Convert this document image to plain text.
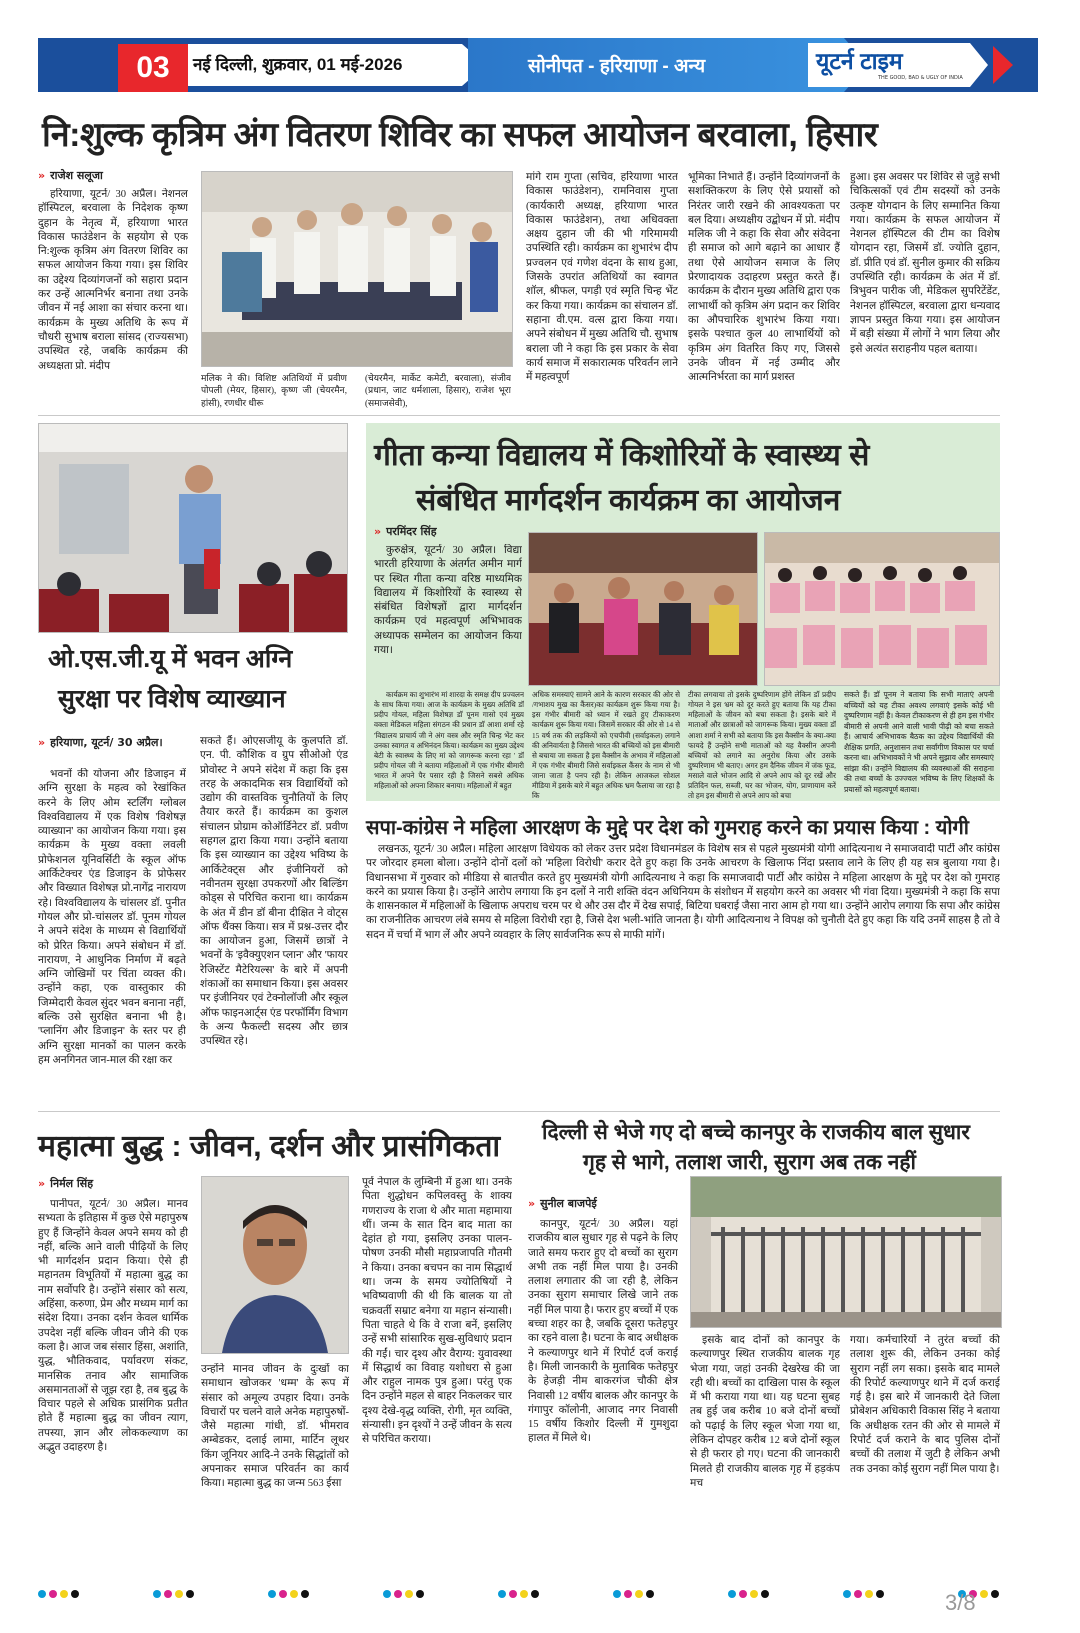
03	नई दिल्ली, शुक्रवार, 01 मई-2026	सोनीपत - हरियाणा - अन्य	यूटर्न टाइम
THE GOOD, BAD & UGLY OF INDIA
नि:शुल्क कृत्रिम अंग वितरण शिविर का सफल आयोजन बरवाला, हिसार
» राजेश सलूजा

हरियाणा, यूटर्न/ 30 अप्रैल। नेशनल हॉस्पिटल, बरवाला के निदेशक कृष्ण दुहान के नेतृत्व में, हरियाणा भारत विकास फाउंडेशन के सहयोग से एक नि:शुल्क कृत्रिम अंग वितरण शिविर का सफल आयोजन किया गया। इस शिविर का उद्देश्य दिव्यांगजनों को सहारा प्रदान कर उन्हें आत्मनिर्भर बनाना तथा उनके जीवन में नई आशा का संचार करना था। कार्यक्रम के मुख्य अतिथि के रूप में चौधरी सुभाष बराला सांसद (राज्यसभा) उपस्थित रहे, जबकि कार्यक्रम की अध्यक्षता प्रो. मंदीप

मलिक ने की। विशिष्ट अतिथियों में प्रवीण पोपली (मेयर, हिसार), कृष्ण जी (चेयरमैन, हांसी), रणधीर धीरू

(चेयरमैन, मार्केट कमेटी, बरवाला), संजीव (प्रधान, जाट धर्मशाला, हिसार), राजेश भूरा (समाजसेवी),

मांगे राम गुप्ता (सचिव, हरियाणा भारत विकास फाउंडेशन), रामनिवास गुप्ता (कार्यकारी अध्यक्ष, हरियाणा भारत विकास फाउंडेशन), तथा अधिवक्ता अक्षय दुहान जी की भी गरिमामयी उपस्थिति रही। कार्यक्रम का शुभारंभ दीप प्रज्वलन एवं गणेश वंदना के साथ हुआ, जिसके उपरांत अतिथियों का स्वागत शॉल, श्रीफल, पगड़ी एवं स्मृति चिन्ह भेंट कर किया गया। कार्यक्रम का संचालन डॉ. सहाना वी.एम. वत्स द्वारा किया गया। अपने संबोधन में मुख्य अतिथि चौ. सुभाष बराला जी ने कहा कि इस प्रकार के सेवा कार्य समाज में सकारात्मक परिवर्तन लाने में महत्वपूर्ण

भूमिका निभाते हैं। उन्होंने दिव्यांगजनों के सशक्तिकरण के लिए ऐसे प्रयासों को निरंतर जारी रखने की आवश्यकता पर बल दिया। अध्यक्षीय उद्बोधन में प्रो. मंदीप मलिक जी ने कहा कि सेवा और संवेदना ही समाज को आगे बढ़ाने का आधार हैं तथा ऐसे आयोजन समाज के लिए प्रेरणादायक उदाहरण प्रस्तुत करते हैं। कार्यक्रम के दौरान मुख्य अतिथि द्वारा एक लाभार्थी को कृत्रिम अंग प्रदान कर शिविर का औपचारिक शुभारंभ किया गया। इसके पश्चात कुल 40 लाभार्थियों को कृत्रिम अंग वितरित किए गए, जिससे उनके जीवन में नई उम्मीद और आत्मनिर्भरता का मार्ग प्रशस्त

हुआ। इस अवसर पर शिविर से जुड़े सभी चिकित्सकों एवं टीम सदस्यों को उनके उत्कृष्ट योगदान के लिए सम्मानित किया गया। कार्यक्रम के सफल आयोजन में नेशनल हॉस्पिटल की टीम का विशेष योगदान रहा, जिसमें डॉ. ज्योति दुहान, डॉ. प्रीति एवं डॉ. सुनील कुमार की सक्रिय उपस्थिति रही। कार्यक्रम के अंत में डॉ. त्रिभुवन पारीक जी, मेडिकल सुपरिटेंडेंट, नेशनल हॉस्पिटल, बरवाला द्वारा धन्यवाद ज्ञापन प्रस्तुत किया गया। इस आयोजन में बड़ी संख्या में लोगों ने भाग लिया और इसे अत्यंत सराहनीय पहल बताया।

ओ.एस.जी.यू में भवन अग्नि
सुरक्षा पर विशेष व्याख्यान
» हरियाणा, यूटर्न/ 30 अप्रैल।

भवनों की योजना और डिजाइन में अग्नि सुरक्षा के महत्व को रेखांकित करने के लिए ओम स्टर्लिंग ग्लोबल विश्वविद्यालय में एक विशेष 'विशेषज्ञ व्याख्यान' का आयोजन किया गया। इस कार्यक्रम के मुख्य वक्ता लवली प्रोफेशनल यूनिवर्सिटी के स्कूल ऑफ आर्किटेक्चर एंड डिजाइन के प्रोफेसर और विख्यात विशेषज्ञ प्रो.नागेंद्र नारायण रहे। विश्वविद्यालय के चांसलर डॉ. पुनीत गोयल और प्रो-चांसलर डॉ. पूनम गोयल ने अपने संदेश के माध्यम से विद्यार्थियों को प्रेरित किया। अपने संबोधन में डॉ. नारायण, ने आधुनिक निर्माण में बढ़ते अग्नि जोखिमों पर चिंता व्यक्त की। उन्होंने कहा, एक वास्तुकार की जिम्मेदारी केवल सुंदर भवन बनाना नहीं, बल्कि उसे सुरक्षित बनाना भी है। 'प्लानिंग और डिजाइन' के स्तर पर ही अग्नि सुरक्षा मानकों का पालन करके हम अनगिनत जान-माल की रक्षा कर

सकते हैं। ओएसजीयू के कुलपति डॉ. एन. पी. कौशिक व ग्रुप सीओओ एंड प्रोवोस्ट ने अपने संदेश में कहा कि इस तरह के अकादमिक सत्र विद्यार्थियों को उद्योग की वास्तविक चुनौतियों के लिए तैयार करते हैं। कार्यक्रम का कुशल संचालन प्रोग्राम कोऑर्डिनेटर डॉ. प्रवीण सहगल द्वारा किया गया। उन्होंने बताया कि इस व्याख्यान का उद्देश्य भविष्य के आर्किटेक्ट्स और इंजीनियरों को नवीनतम सुरक्षा उपकरणों और बिल्डिंग कोड्स से परिचित कराना था। कार्यक्रम के अंत में डीन डॉ बीना दीक्षित ने वोट्स ऑफ थैंक्स किया। सत्र में प्रश्न-उत्तर दौर का आयोजन हुआ, जिसमें छात्रों ने भवनों के 'इवैक्युएशन प्लान' और 'फायर रेजिस्टेंट मैटेरियल्स' के बारे में अपनी शंकाओं का समाधान किया। इस अवसर पर इंजीनियर एवं टेक्नोलॉजी और स्कूल ऑफ फाइनआर्ट्स एंड परफॉर्मिंग विभाग के अन्य फैकल्टी सदस्य और छात्र उपस्थित रहे।

गीता कन्या विद्यालय में किशोरियों के स्वास्थ्य से
संबंधित मार्गदर्शन कार्यक्रम का आयोजन
» परमिंदर सिंह

कुरुक्षेत्र, यूटर्न/ 30 अप्रैल। विद्या भारती हरियाणा के अंतर्गत अमीन मार्ग पर स्थित गीता कन्या वरिष्ठ माध्यमिक विद्यालय में किशोरियों के स्वास्थ्य से संबंधित विशेषज्ञों द्वारा मार्गदर्शन कार्यक्रम एवं महत्वपूर्ण अभिभावक अध्यापक सम्मेलन का आयोजन किया गया।

कार्यक्रम का शुभारंभ मां शारदा के समक्ष दीप प्रज्वलन के साथ किया गया। आज के कार्यक्रम के मुख्य अतिथि डॉ प्रदीप गोयल, महिला विशेषज्ञ डॉ पूनम गासो एवं मुख्य वक्ता मेडिकल महिला संगठन की प्रधान डॉ आशा शर्मा रहे 'विद्यालय प्राचार्य जी ने अंग वस्त्र और स्मृति चिन्ह भेंट कर उनका स्वागत व अभिनंदन किया। कार्यक्रम का मुख्य उद्देश्य बेटी के स्वास्थ्य के लिए मां को जागरूक करना रहा ' डॉ प्रदीप गोयल जी ने बताया महिलाओं में एक गंभीर बीमारी भारत में अपने पैर पसार रही है जिसने सबसे अधिक महिलाओं को अपना शिकार बनाया। महिलाओं में बहुत

अधिक समस्याएं सामने आने के कारण सरकार की ओर से /गभाशय मुख का कैंसर)का कार्यक्रम शुरू किया गया है। इस गंभीर बीमारी को ध्यान में रखते हुए टीकाकरण कार्यक्रम शुरू किया गया। जिसमें सरकार की ओर से 14 से 15 वर्ष तक की लड़कियों को एचपीवी (सर्वाइकल) लगाने की अनिवार्यता है जिससे भारत की बच्चियों को इस बीमारी से बचाया जा सकता है इस वैक्सीन के अभाव में महिलाओं में एक गंभीर बीमारी जिसे सर्वाइकल कैंसर के नाम से भी जाना जाता है पनप रही है। लेकिन आजकल सोशल मीडिया में इसके बारे में बहुत अधिक भ्रम फैलाया जा रहा है कि

टीका लगवाया तो इसके दुष्परिणाम होंगे लेकिन डॉ प्रदीप गोयल ने इस भ्रम को दूर करते हुए बताया कि यह टीका महिलाओं के जीवन को बचा सकता है। इसके बारे में माताओं और छात्राओं को जागरूक किया। मुख्य वक्ता डॉ आशा शर्मा ने सभी को बताया कि इस वैक्सीन के क्या-क्या फायदे हैं उन्होंने सभी माताओं को यह वैक्सीन अपनी बच्चियों को लगाने का अनुरोध किया और उसके दुष्परिणाम भी बताए। अगर हम दैनिक जीवन में जंक फूड, मसाले वाले भोजन आदि से अपने आप को दूर रखें और प्रतिदिन फल, सब्जी, घर का भोजन, योग, प्राणायाम करें तो हम इस बीमारी से अपने आप को बचा

सकते हैं। डॉ पूनम ने बताया कि सभी माताएं अपनी बच्चियों को यह टीका अवश्य लगवाएं इसके कोई भी दुष्परिणाम नहीं है। केवल टीकाकरण से ही हम इस गंभीर बीमारी से अपनी आने वाली भावी पीढ़ी को बचा सकते हैं। आचार्य अभिभावक बैठक का उद्देश्य विद्यार्थियों की शैक्षिक प्रगति, अनुशासन तथा सर्वांगीण विकास पर चर्चा करना था। अभिभावकों ने भी अपने सुझाव और समस्याएं सांझा की। उन्होंने विद्यालय की व्यवस्थाओं की सराहना की तथा बच्चों के उज्ज्वल भविष्य के लिए शिक्षकों के प्रयासों को महत्वपूर्ण बताया।

सपा-कांग्रेस ने महिला आरक्षण के मुद्दे पर देश को गुमराह करने का प्रयास किया : योगी

लखनऊ, यूटर्न/ 30 अप्रैल। महिला आरक्षण विधेयक को लेकर उत्तर प्रदेश विधानमंडल के विशेष सत्र से पहले मुख्यमंत्री योगी आदित्यनाथ ने समाजवादी पार्टी और कांग्रेस पर जोरदार हमला बोला। उन्होंने दोनों दलों को 'महिला विरोधी' करार देते हुए कहा कि उनके आचरण के खिलाफ निंदा प्रस्ताव लाने के लिए ही यह सत्र बुलाया गया है। विधानसभा में गुरुवार को मीडिया से बातचीत करते हुए मुख्यमंत्री योगी आदित्यनाथ ने कहा कि समाजवादी पार्टी और कांग्रेस ने महिला आरक्षण के मुद्दे पर देश को गुमराह करने का प्रयास किया है। उन्होंने आरोप लगाया कि इन दलों ने नारी शक्ति वंदन अधिनियम के संशोधन में सहयोग करने का अवसर भी गंवा दिया। मुख्यमंत्री ने कहा कि सपा के शासनकाल में महिलाओं के खिलाफ अपराध चरम पर थे और उस दौर में देख सपाई, बिटिया घबराई जैसा नारा आम हो गया था। उन्होंने आरोप लगाया कि सपा और कांग्रेस का राजनीतिक आचरण लंबे समय से महिला विरोधी रहा है, जिसे देश भली-भांति जानता है। योगी आदित्यनाथ ने विपक्ष को चुनौती देते हुए कहा कि यदि उनमें साहस है तो वे सदन में चर्चा में भाग लें और अपने व्यवहार के लिए सार्वजनिक रूप से माफी मांगें।

महात्मा बुद्ध : जीवन, दर्शन और प्रासंगिकता
» निर्मल सिंह

पानीपत, यूटर्न/ 30 अप्रैल। मानव सभ्यता के इतिहास में कुछ ऐसे महापुरुष हुए हैं जिन्होंने केवल अपने समय को ही नहीं, बल्कि आने वाली पीढ़ियों के लिए भी मार्गदर्शन प्रदान किया। ऐसे ही महानतम विभूतियों में महात्मा बुद्ध का नाम सर्वोपरि है। उन्होंने संसार को सत्य, अहिंसा, करुणा, प्रेम और मध्यम मार्ग का संदेश दिया। उनका दर्शन केवल धार्मिक उपदेश नहीं बल्कि जीवन जीने की एक कला है। आज जब संसार हिंसा, अशांति, युद्ध, भौतिकवाद, पर्यावरण संकट, मानसिक तनाव और सामाजिक असमानताओं से जूझ रहा है, तब बुद्ध के विचार पहले से अधिक प्रासंगिक प्रतीत होते हैं महात्मा बुद्ध का जीवन त्याग, तपस्या, ज्ञान और लोककल्याण का अद्भुत उदाहरण है।

उन्होंने मानव जीवन के दुःखों का समाधान खोजकर 'धम्म' के रूप में संसार को अमूल्य उपहार दिया। उनके विचारों पर चलने वाले अनेक महापुरुषों-जैसे महात्मा गांधी, डॉ. भीमराव अम्बेडकर, दलाई लामा, मार्टिन लूथर किंग जूनियर आदि-ने उनके सिद्धांतों को अपनाकर समाज परिवर्तन का कार्य किया। महात्मा बुद्ध का जन्म 563 ईसा

पूर्व नेपाल के लुम्बिनी में हुआ था। उनके पिता शुद्धोधन कपिलवस्तु के शाक्य गणराज्य के राजा थे और माता महामाया थीं। जन्म के सात दिन बाद माता का देहांत हो गया, इसलिए उनका पालन-पोषण उनकी मौसी महाप्रजापति गौतमी ने किया। उनका बचपन का नाम सिद्धार्थ था। जन्म के समय ज्योतिषियों ने भविष्यवाणी की थी कि बालक या तो चक्रवर्ती सम्राट बनेगा या महान संन्यासी। पिता चाहते थे कि वे राजा बनें, इसलिए उन्हें सभी सांसारिक सुख-सुविधाएं प्रदान की गईं। चार दृश्य और वैराग्य: युवावस्था में सिद्धार्थ का विवाह यशोधरा से हुआ और राहुल नामक पुत्र हुआ। परंतु एक दिन उन्होंने महल से बाहर निकलकर चार दृश्य देखे-वृद्ध व्यक्ति, रोगी, मृत व्यक्ति, संन्यासी। इन दृश्यों ने उन्हें जीवन के सत्य से परिचित कराया।

दिल्ली से भेजे गए दो बच्चे कानपुर के राजकीय बाल सुधार
गृह से भागे, तलाश जारी, सुराग अब तक नहीं
» सुनील बाजपेई

कानपुर, यूटर्न/ 30 अप्रैल। यहां राजकीय बाल सुधार गृह से पढ़ने के लिए जाते समय फरार हुए दो बच्चों का सुराग अभी तक नहीं मिल पाया है। उनकी तलाश लगातार की जा रही है, लेकिन उनका सुराग समाचार लिखे जाने तक नहीं मिल पाया है। फरार हुए बच्चों में एक बच्चा शहर का है, जबकि दूसरा फतेहपुर का रहने वाला है। घटना के बाद अधीक्षक ने कल्याणपुर थाने में रिपोर्ट दर्ज कराई है। मिली जानकारी के मुताबिक फतेहपुर के हेजड़ी नीम बाकरगंज चौकी क्षेत्र निवासी 12 वर्षीय बालक और कानपुर के गंगापुर कॉलोनी, आजाद नगर निवासी 15 वर्षीय किशोर दिल्ली में गुमशुदा हालत में मिले थे।

इसके बाद दोनों को कानपुर के कल्याणपुर स्थित राजकीय बालक गृह भेजा गया, जहां उनकी देखरेख की जा रही थी। बच्चों का दाखिला पास के स्कूल में भी कराया गया था। यह घटना सुबह तब हुई जब करीब 10 बजे दोनों बच्चों को पढ़ाई के लिए स्कूल भेजा गया था, लेकिन दोपहर करीब 12 बजे दोनों स्कूल से ही फरार हो गए। घटना की जानकारी मिलते ही राजकीय बालक गृह में हड़कंप मच

गया। कर्मचारियों ने तुरंत बच्चों की तलाश शुरू की, लेकिन उनका कोई सुराग नहीं लग सका। इसके बाद मामले की रिपोर्ट कल्याणपुर थाने में दर्ज कराई गई है। इस बारे में जानकारी देते जिला प्रोबेशन अधिकारी विकास सिंह ने बताया कि अधीक्षक रतन की ओर से मामले में रिपोर्ट दर्ज कराने के बाद पुलिस दोनों बच्चों की तलाश में जुटी है लेकिन अभी तक उनका कोई सुराग नहीं मिल पाया है।

3/8
